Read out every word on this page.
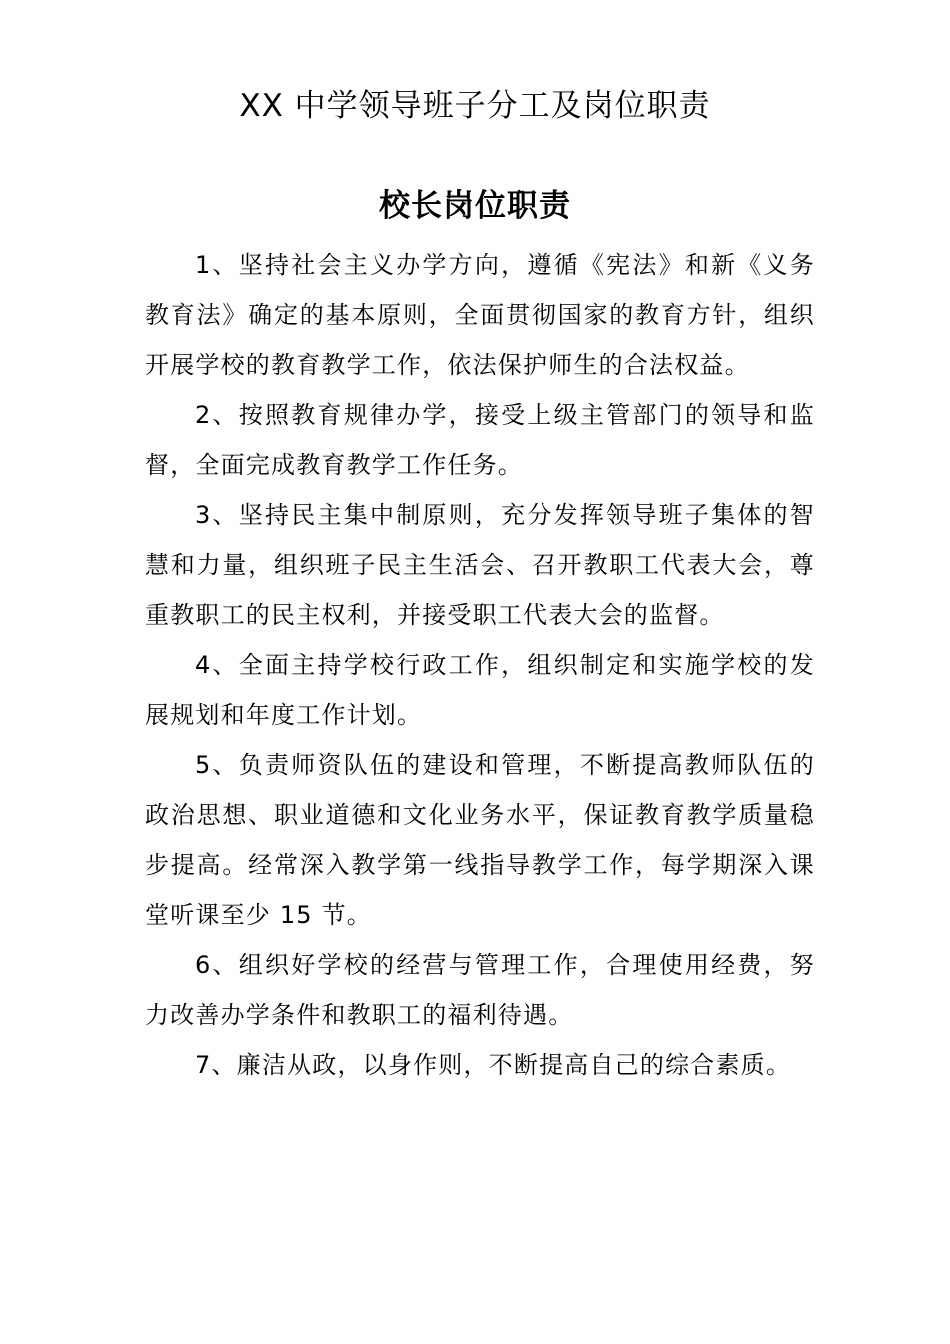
XX 中学领导班子分工及岗位职责
校长岗位职责

1、坚持社会主义办学方向，遵循《宪法》和新《义务教育法》确定的基本原则，全面贯彻国家的教育方针，组织开展学校的教育教学工作，依法保护师生的合法权益。

2、按照教育规律办学，接受上级主管部门的领导和监督，全面完成教育教学工作任务。

3、坚持民主集中制原则，充分发挥领导班子集体的智慧和力量，组织班子民主生活会、召开教职工代表大会，尊重教职工的民主权利，并接受职工代表大会的监督。

4、全面主持学校行政工作，组织制定和实施学校的发展规划和年度工作计划。

5、负责师资队伍的建设和管理，不断提高教师队伍的政治思想、职业道德和文化业务水平，保证教育教学质量稳步提高。经常深入教学第一线指导教学工作，每学期深入课堂听课至少 15 节。

6、组织好学校的经营与管理工作，合理使用经费，努力改善办学条件和教职工的福利待遇。

7、廉洁从政，以身作则，不断提高自己的综合素质。
